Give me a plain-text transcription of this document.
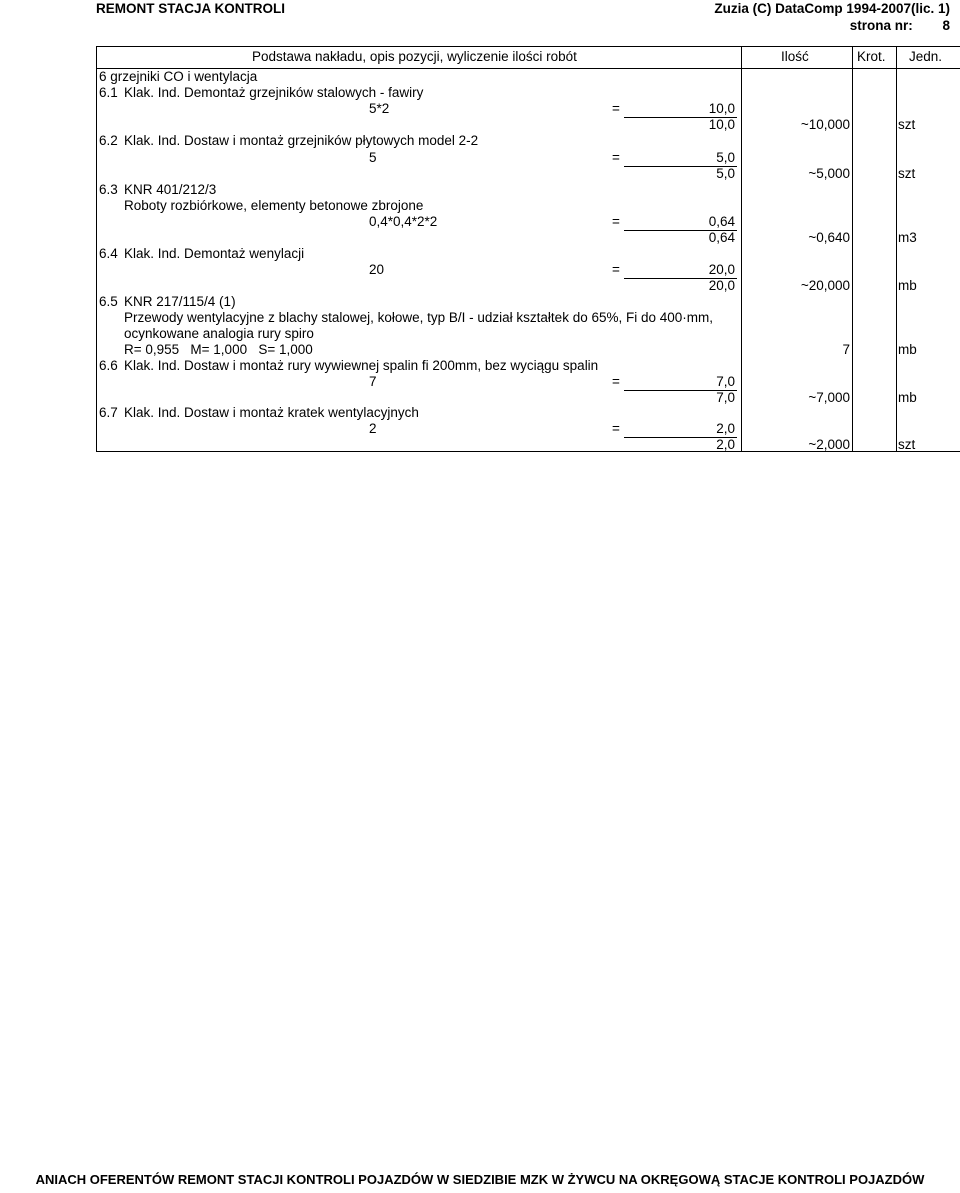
REMONT STACJA KONTROLI	Zuzia (C) DataComp 1994-2007(lic. 1)
strona nr: 8
Podstawa nakładu, opis pozycji, wyliczenie ilości robót	Ilość	Krot. Jedn.
6 grzejniki CO i wentylacja
6.1 Klak. Ind. Demontaż grzejników stalowych - fawiry
5*2	=	10,0
10,0	~10,000	szt
6.2 Klak. Ind. Dostaw i montaż grzejników płytowych model 2-2
5	=	5,0
5,0	~5,000	szt
6.3 KNR 401/212/3
Roboty rozbiórkowe, elementy betonowe zbrojone
0,4*0,4*2*2	=	0,64
0,64	~0,640	m3
6.4 Klak. Ind. Demontaż wenylacji
20	=	20,0
20,0	~20,000	mb
6.5 KNR 217/115/4 (1)
Przewody wentylacyjne z blachy stalowej, kołowe, typ B/I - udział kształtek do 65%, Fi do 400·mm,
ocynkowane analogia rury spiro
R= 0,955   M= 1,000   S= 1,000	7	mb
6.6 Klak. Ind. Dostaw i montaż rury wywiewnej spalin fi 200mm, bez wyciągu spalin
7	=	7,0
7,0	~7,000	mb
6.7 Klak. Ind. Dostaw i montaż kratek wentylacyjnych
2	=	2,0
2,0	~2,000	szt
ANIACH OFERENTÓW REMONT STACJI KONTROLI POJAZDÓW W SIEDZIBIE MZK W ŻYWCU NA OKRĘGOWĄ STACJE KONTROLI POJAZDÓW
